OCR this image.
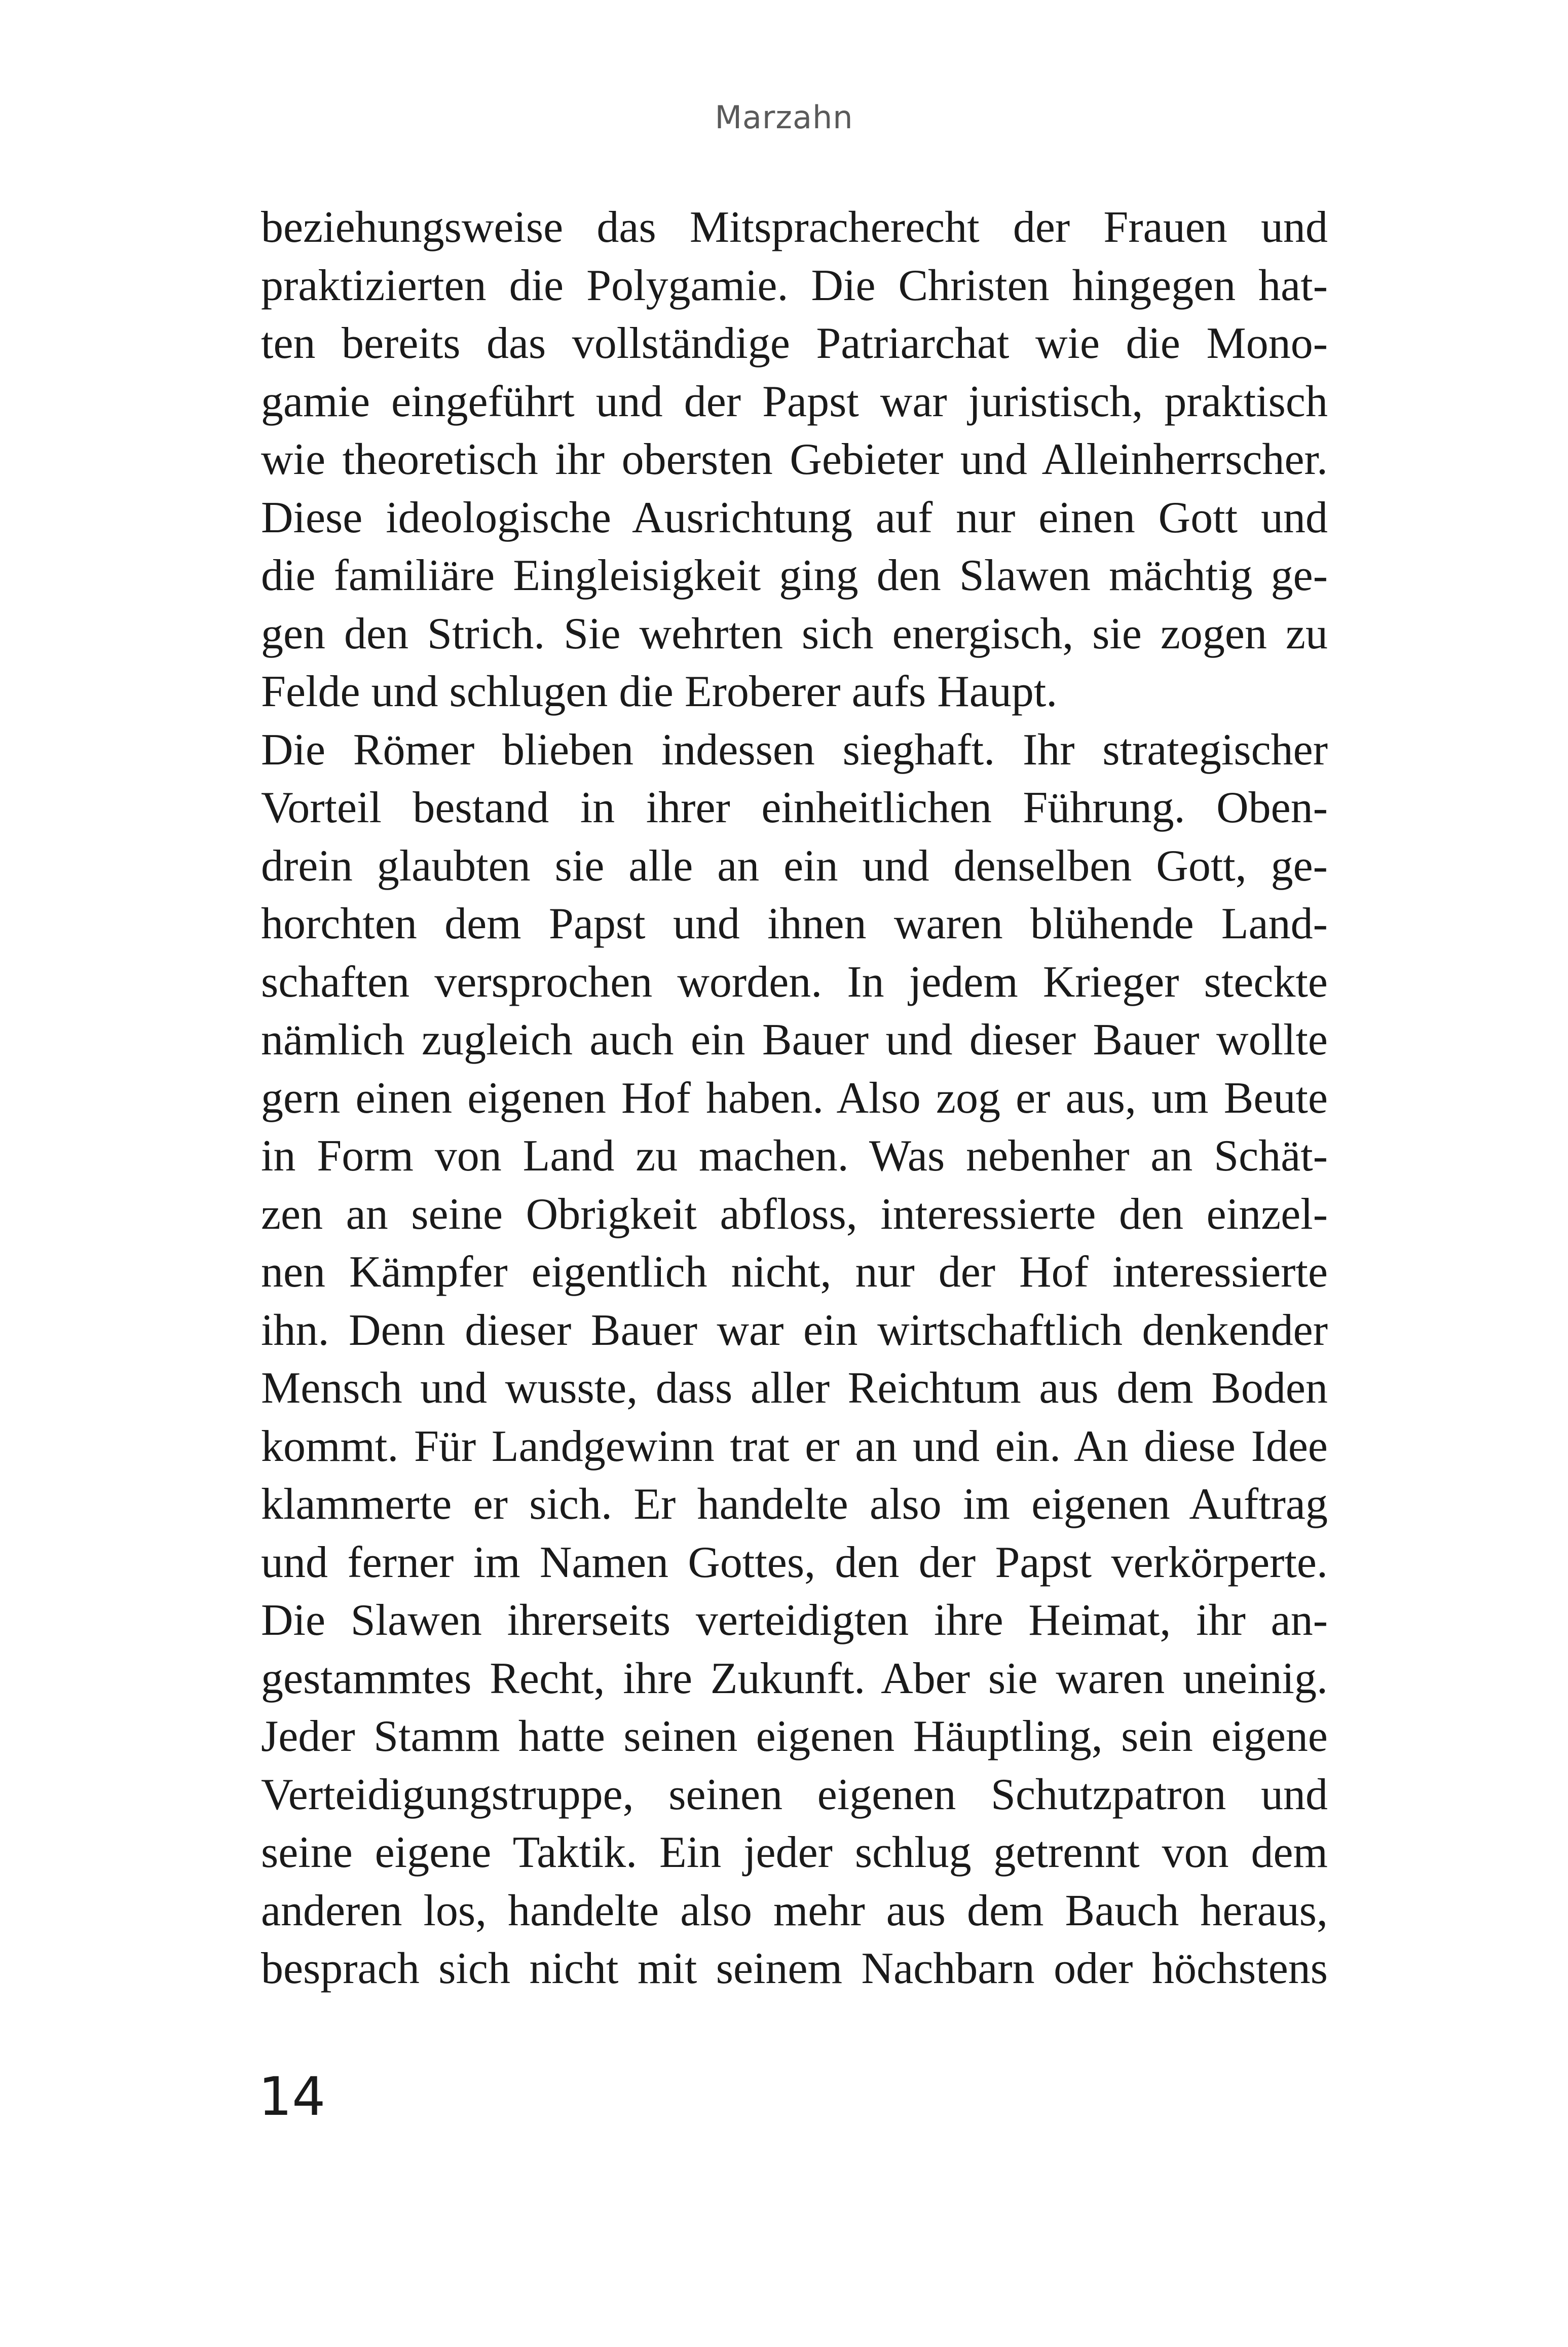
Marzahn
beziehungsweise das Mitspracherecht der Frauen und
praktizierten die Polygamie. Die Christen hingegen hat-
ten bereits das vollständige Patriarchat wie die Mono-
gamie eingeführt und der Papst war juristisch, praktisch
wie theoretisch ihr obersten Gebieter und Alleinherrscher.
Diese ideologische Ausrichtung auf nur einen Gott und
die familiäre Eingleisigkeit ging den Slawen mächtig ge-
gen den Strich. Sie wehrten sich energisch, sie zogen zu
Felde und schlugen die Eroberer aufs Haupt.
Die Römer blieben indessen sieghaft. Ihr strategischer
Vorteil bestand in ihrer einheitlichen Führung. Oben-
drein glaubten sie alle an ein und denselben Gott, ge-
horchten dem Papst und ihnen waren blühende Land-
schaften versprochen worden. In jedem Krieger steckte
nämlich zugleich auch ein Bauer und dieser Bauer wollte
gern einen eigenen Hof haben. Also zog er aus, um Beute
in Form von Land zu machen. Was nebenher an Schät-
zen an seine Obrigkeit abfloss, interessierte den einzel-
nen Kämpfer eigentlich nicht, nur der Hof interessierte
ihn. Denn dieser Bauer war ein wirtschaftlich denkender
Mensch und wusste, dass aller Reichtum aus dem Boden
kommt. Für Landgewinn trat er an und ein. An diese Idee
klammerte er sich. Er handelte also im eigenen Auftrag
und ferner im Namen Gottes, den der Papst verkörperte.
Die Slawen ihrerseits verteidigten ihre Heimat, ihr an-
gestammtes Recht, ihre Zukunft. Aber sie waren uneinig.
Jeder Stamm hatte seinen eigenen Häuptling, sein eigene
Verteidigungstruppe, seinen eigenen Schutzpatron und
seine eigene Taktik. Ein jeder schlug getrennt von dem
anderen los, handelte also mehr aus dem Bauch heraus,
besprach sich nicht mit seinem Nachbarn oder höchstens
14
